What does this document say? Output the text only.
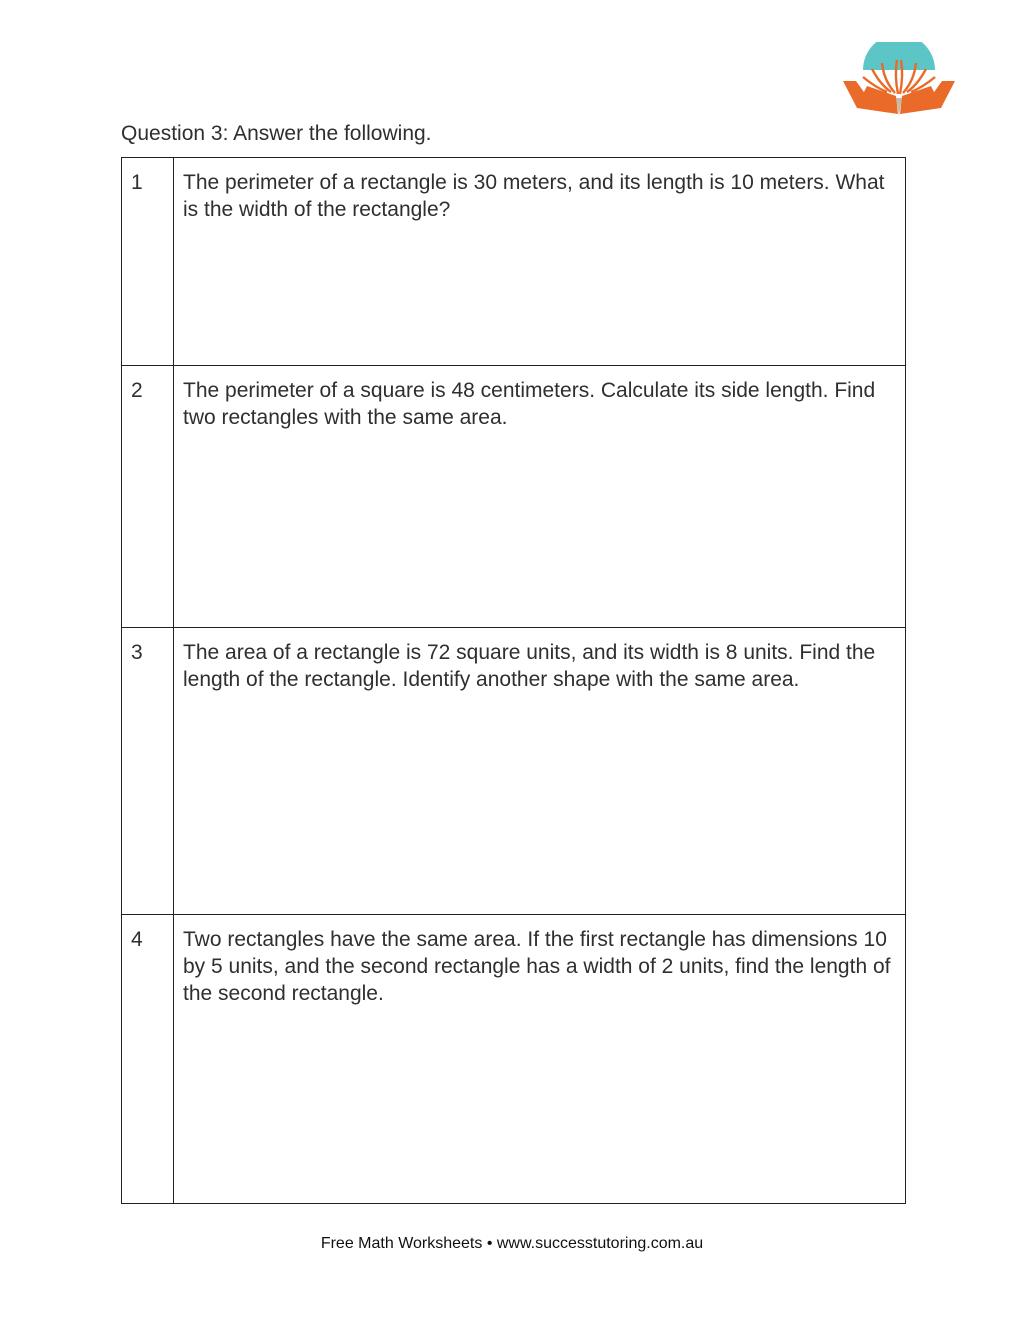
Question 3: Answer the following.
1	The perimeter of a rectangle is 30 meters, and its length is 10 meters. What is the width of the rectangle?

2	The perimeter of a square is 48 centimeters. Calculate its side length. Find two rectangles with the same area.

3	The area of a rectangle is 72 square units, and its width is 8 units. Find the length of the rectangle. Identify another shape with the same area.

4	Two rectangles have the same area. If the first rectangle has dimensions 10 by 5 units, and the second rectangle has a width of 2 units, find the length of the second rectangle.
Free Math Worksheets • www.successtutoring.com.au
